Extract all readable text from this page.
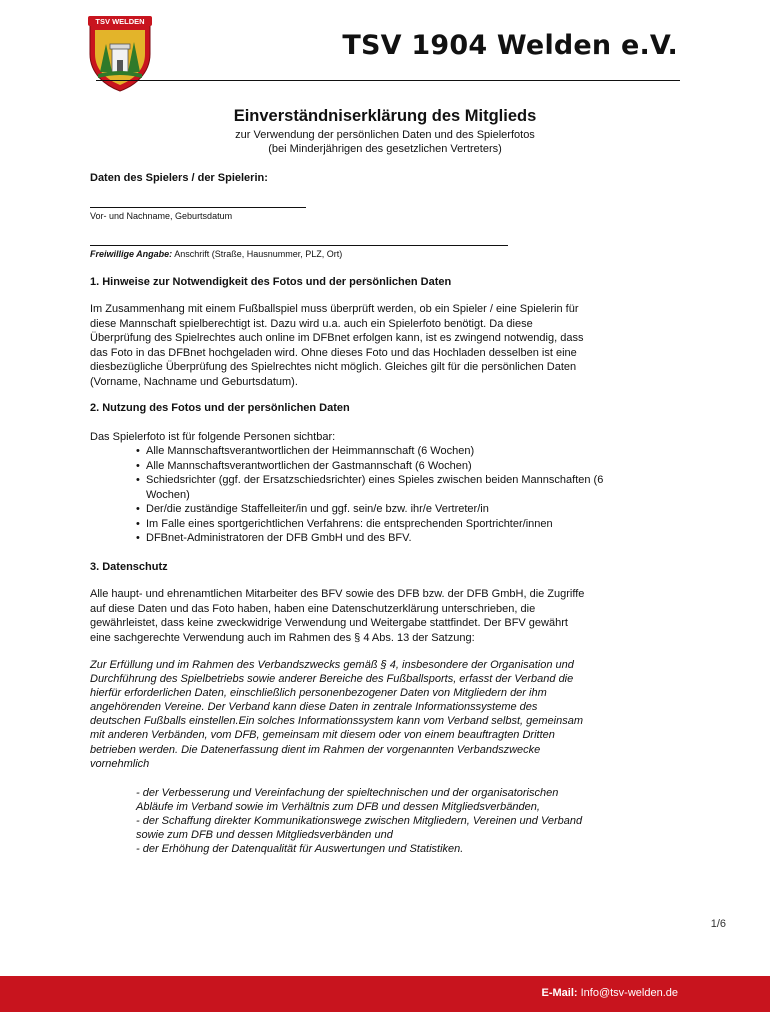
TSV WELDEN
TSV 1904 Welden e.V.
Einverständniserklärung des Mitglieds
zur Verwendung der persönlichen Daten und des Spielerfotos
(bei Minderjährigen des gesetzlichen Vertreters)
Daten des Spielers / der Spielerin:
Vor- und Nachname, Geburtsdatum
Freiwillige Angabe: Anschrift (Straße, Hausnummer, PLZ, Ort)
1. Hinweise zur Notwendigkeit des Fotos und der persönlichen Daten

Im Zusammenhang mit einem Fußballspiel muss überprüft werden, ob ein Spieler / eine Spielerin für

diese Mannschaft spielberechtigt ist. Dazu wird u.a. auch ein Spielerfoto benötigt. Da diese

Überprüfung des Spielrechtes auch online im DFBnet erfolgen kann, ist es zwingend notwendig, dass

das Foto in das DFBnet hochgeladen wird. Ohne dieses Foto und das Hochladen desselben ist eine

diesbezügliche Überprüfung des Spielrechtes nicht möglich. Gleiches gilt für die persönlichen Daten

(Vorname, Nachname und Geburtsdatum).

2. Nutzung des Fotos und der persönlichen Daten
Das Spielerfoto ist für folgende Personen sichtbar:
• Alle Mannschaftsverantwortlichen der Heimmannschaft (6 Wochen)
• Alle Mannschaftsverantwortlichen der Gastmannschaft (6 Wochen)
• Schiedsrichter (ggf. der Ersatzschiedsrichter) eines Spieles zwischen beiden Mannschaften (6 Wochen)
• Der/die zuständige Staffelleiter/in und ggf. sein/e bzw. ihr/e Vertreter/in
• Im Falle eines sportgerichtlichen Verfahrens: die entsprechenden Sportrichter/innen
• DFBnet-Administratoren der DFB GmbH und des BFV.
3. Datenschutz

Alle haupt- und ehrenamtlichen Mitarbeiter des BFV sowie des DFB bzw. der DFB GmbH, die Zugriffe

auf diese Daten und das Foto haben, haben eine Datenschutzerklärung unterschrieben, die

gewährleistet, dass keine zweckwidrige Verwendung und Weitergabe stattfindet. Der BFV gewährt

eine sachgerechte Verwendung auch im Rahmen des § 4 Abs. 13 der Satzung:

Zur Erfüllung und im Rahmen des Verbandszwecks gemäß § 4, insbesondere der Organisation und

Durchführung des Spielbetriebs sowie anderer Bereiche des Fußballsports, erfasst der Verband die

hierfür erforderlichen Daten, einschließlich personenbezogener Daten von Mitgliedern der ihm

angehörenden Vereine. Der Verband kann diese Daten in zentrale Informationssysteme des

deutschen Fußballs einstellen.Ein solches Informationssystem kann vom Verband selbst, gemeinsam

mit anderen Verbänden, vom DFB, gemeinsam mit diesem oder von einem beauftragten Dritten

betrieben werden. Die Datenerfassung dient im Rahmen der vorgenannten Verbandszwecke

vornehmlich

- der Verbesserung und Vereinfachung der spieltechnischen und der organisatorischen
Abläufe im Verband sowie im Verhältnis zum DFB und dessen Mitgliedsverbänden,
- der Schaffung direkter Kommunikationswege zwischen Mitgliedern, Vereinen und Verband
sowie zum DFB und dessen Mitgliedsverbänden und
- der Erhöhung der Datenqualität für Auswertungen und Statistiken.
1/6
E-Mail: Info@tsv-welden.de
